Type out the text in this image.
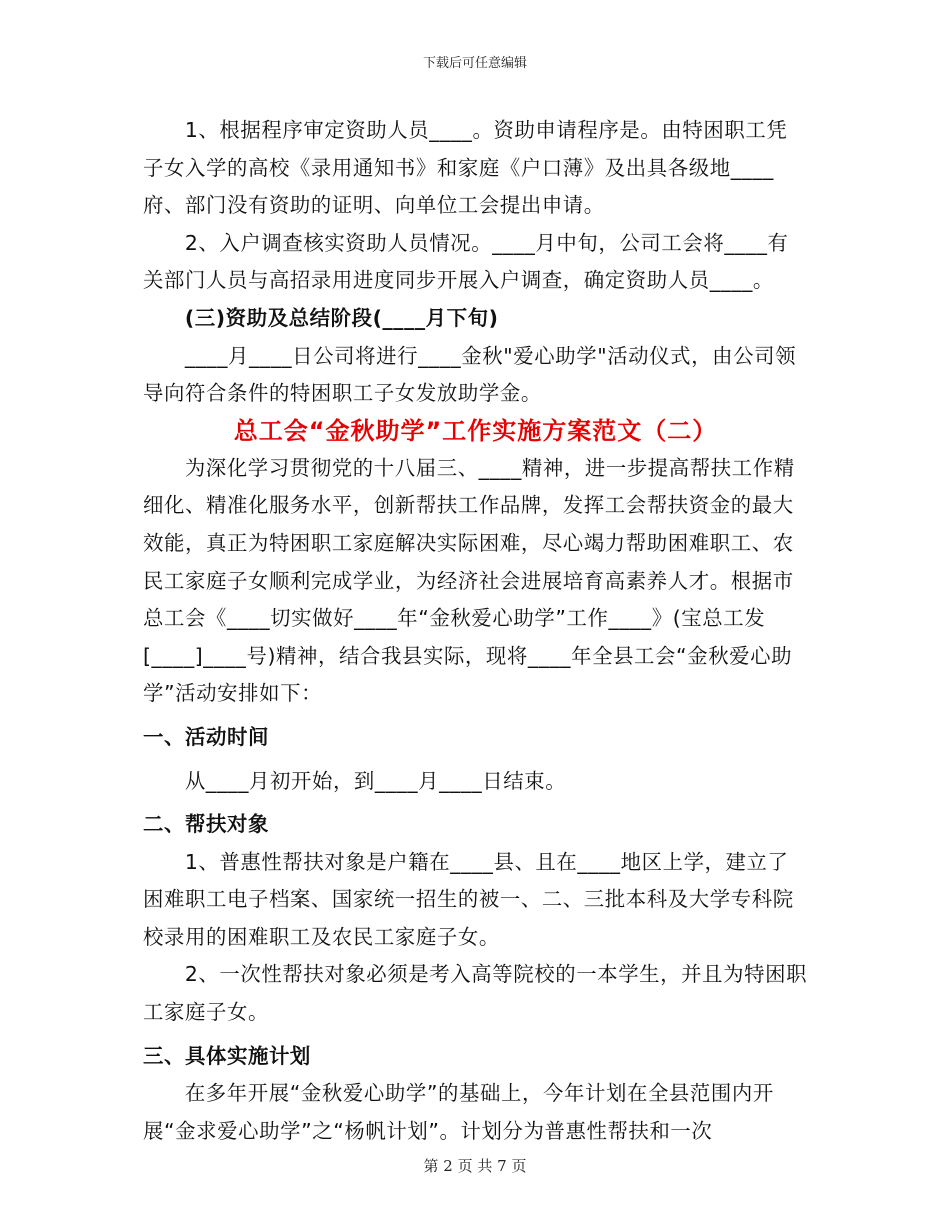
下载后可任意编辑

1、根据程序审定资助人员____。资助申请程序是。由特困职工凭子女入学的高校《录用通知书》和家庭《户口薄》及出具各级地____府、部门没有资助的证明、向单位工会提出申请。

2、入户调查核实资助人员情况。____月中旬，公司工会将____有关部门人员与高招录用进度同步开展入户调查，确定资助人员____。

(三)资助及总结阶段(____月下旬)

____月____日公司将进行____金秋"爱心助学"活动仪式，由公司领导向符合条件的特困职工子女发放助学金。

总工会“金秋助学”工作实施方案范文（二）

为深化学习贯彻党的十八届三、____精神，进一步提高帮扶工作精细化、精准化服务水平，创新帮扶工作品牌，发挥工会帮扶资金的最大效能，真正为特困职工家庭解决实际困难，尽心竭力帮助困难职工、农民工家庭子女顺利完成学业，为经济社会进展培育高素养人才。根据市总工会《____切实做好____年“金秋爱心助学”工作____》(宝总工发[____]____号)精神，结合我县实际，现将____年全县工会“金秋爱心助学”活动安排如下：

一、活动时间

从____月初开始，到____月____日结束。

二、帮扶对象

1、普惠性帮扶对象是户籍在____县、且在____地区上学，建立了困难职工电子档案、国家统一招生的被一、二、三批本科及大学专科院校录用的困难职工及农民工家庭子女。

2、一次性帮扶对象必须是考入高等院校的一本学生，并且为特困职工家庭子女。

三、具体实施计划

在多年开展“金秋爱心助学”的基础上，今年计划在全县范围内开展“金求爱心助学”之“杨帆计划”。计划分为普惠性帮扶和一次

第 2 页 共 7 页
